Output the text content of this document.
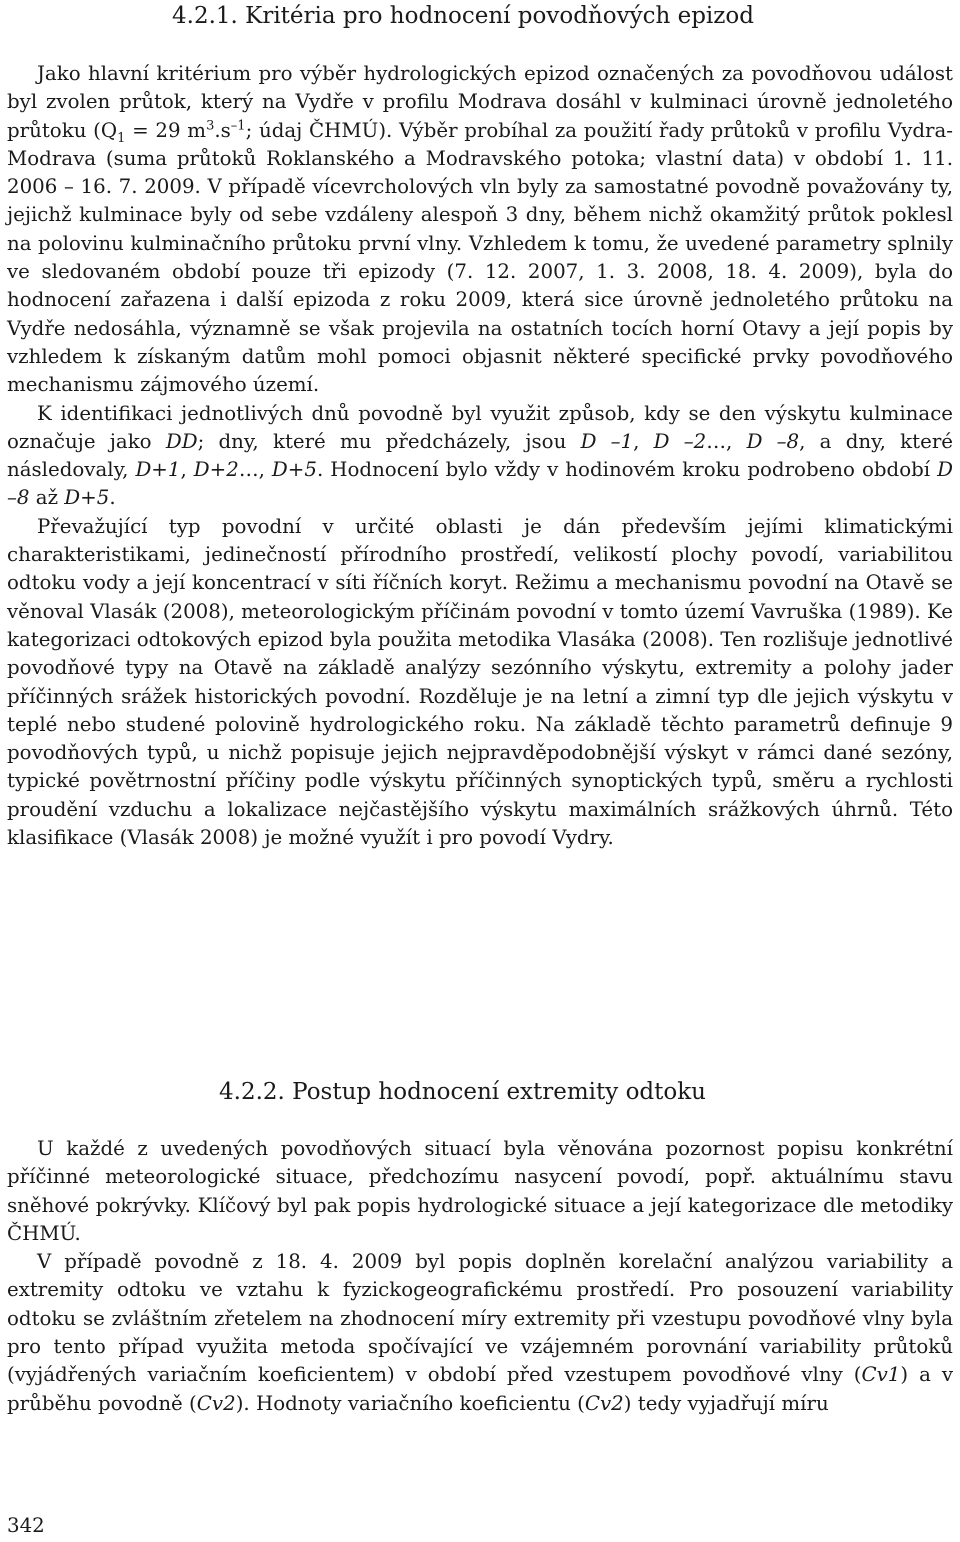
4.2.1. Kritéria pro hodnocení povodňových epizod

Jako hlavní kritérium pro výběr hydrologických epizod označených za povodňovou událost byl zvolen průtok, který na Vydře v profilu Modrava dosáhl v kulminaci úrovně jednoletého průtoku ($Q_1 = 29$ $m^3.s^{-1}$; údaj ČHMÚ). Výběr probíhal za použití řady průtoků v profilu Vydra-Modrava (suma průtoků Roklanského a Modravského potoka; vlastní data) v období 1. 11. 2006 – 16. 7. 2009. V případě vícevrcholových vln byly za samostatné povodně považovány ty, jejichž kulminace byly od sebe vzdáleny alespoň 3 dny, během nichž okamžitý průtok poklesl na polovinu kulminačního průtoku první vlny. Vzhledem k tomu, že uvedené parametry splnily ve sledovaném období pouze tři epizody (7. 12. 2007, 1. 3. 2008, 18. 4. 2009), byla do hodnocení zařazena i další epizoda z roku 2009, která sice úrovně jednoletého průtoku na Vydře nedosáhla, významně se však projevila na ostatních tocích horní Otavy a její popis by vzhledem k získaným datům mohl pomoci objasnit některé specifické prvky povodňového mechanismu zájmového území.

K identifikaci jednotlivých dnů povodně byl využit způsob, kdy se den výskytu kulminace označuje jako DD; dny, které mu předcházely, jsou D –1, D –2…, D –8, a dny, které následovaly, D+1, D+2…, D+5. Hodnocení bylo vždy v hodinovém kroku podrobeno období D –8 až D+5.

Převažující typ povodní v určité oblasti je dán především jejími klimatickými charakteristikami, jedinečností přírodního prostředí, velikostí plochy povodí, variabilitou odtoku vody a její koncentrací v síti říčních koryt. Režimu a mechanismu povodní na Otavě se věnoval Vlasák (2008), meteorologickým příčinám povodní v tomto území Vavruška (1989). Ke kategorizaci odtokových epizod byla použita metodika Vlasáka (2008). Ten rozlišuje jednotlivé povodňové typy na Otavě na základě analýzy sezónního výskytu, extremity a polohy jader příčinných srážek historických povodní. Rozděluje je na letní a zimní typ dle jejich výskytu v teplé nebo studené polovině hydrologického roku. Na základě těchto parametrů definuje 9 povodňových typů, u nichž popisuje jejich nejpravděpodobnější výskyt v rámci dané sezóny, typické povětrnostní příčiny podle výskytu příčinných synoptických typů, směru a rychlosti proudění vzduchu a lokalizace nejčastějšího výskytu maximálních srážkových úhrnů. Této klasifikace (Vlasák 2008) je možné využít i pro povodí Vydry.

4.2.2. Postup hodnocení extremity odtoku

U každé z uvedených povodňových situací byla věnována pozornost popisu konkrétní příčinné meteorologické situace, předchozímu nasycení povodí, popř. aktuálnímu stavu sněhové pokrývky. Klíčový byl pak popis hydrologické situace a její kategorizace dle metodiky ČHMÚ.

V případě povodně z 18. 4. 2009 byl popis doplněn korelační analýzou variability a extremity odtoku ve vztahu k fyzickogeografickému prostředí. Pro posouzení variability odtoku se zvláštním zřetelem na zhodnocení míry extremity při vzestupu povodňové vlny byla pro tento případ využita metoda spočívající ve vzájemném porovnání variability průtoků (vyjádřených variačním koeficientem) v období před vzestupem povodňové vlny (Cv1) a v průběhu povodně (Cv2). Hodnoty variačního koeficientu (Cv2) tedy vyjadřují míru

342
